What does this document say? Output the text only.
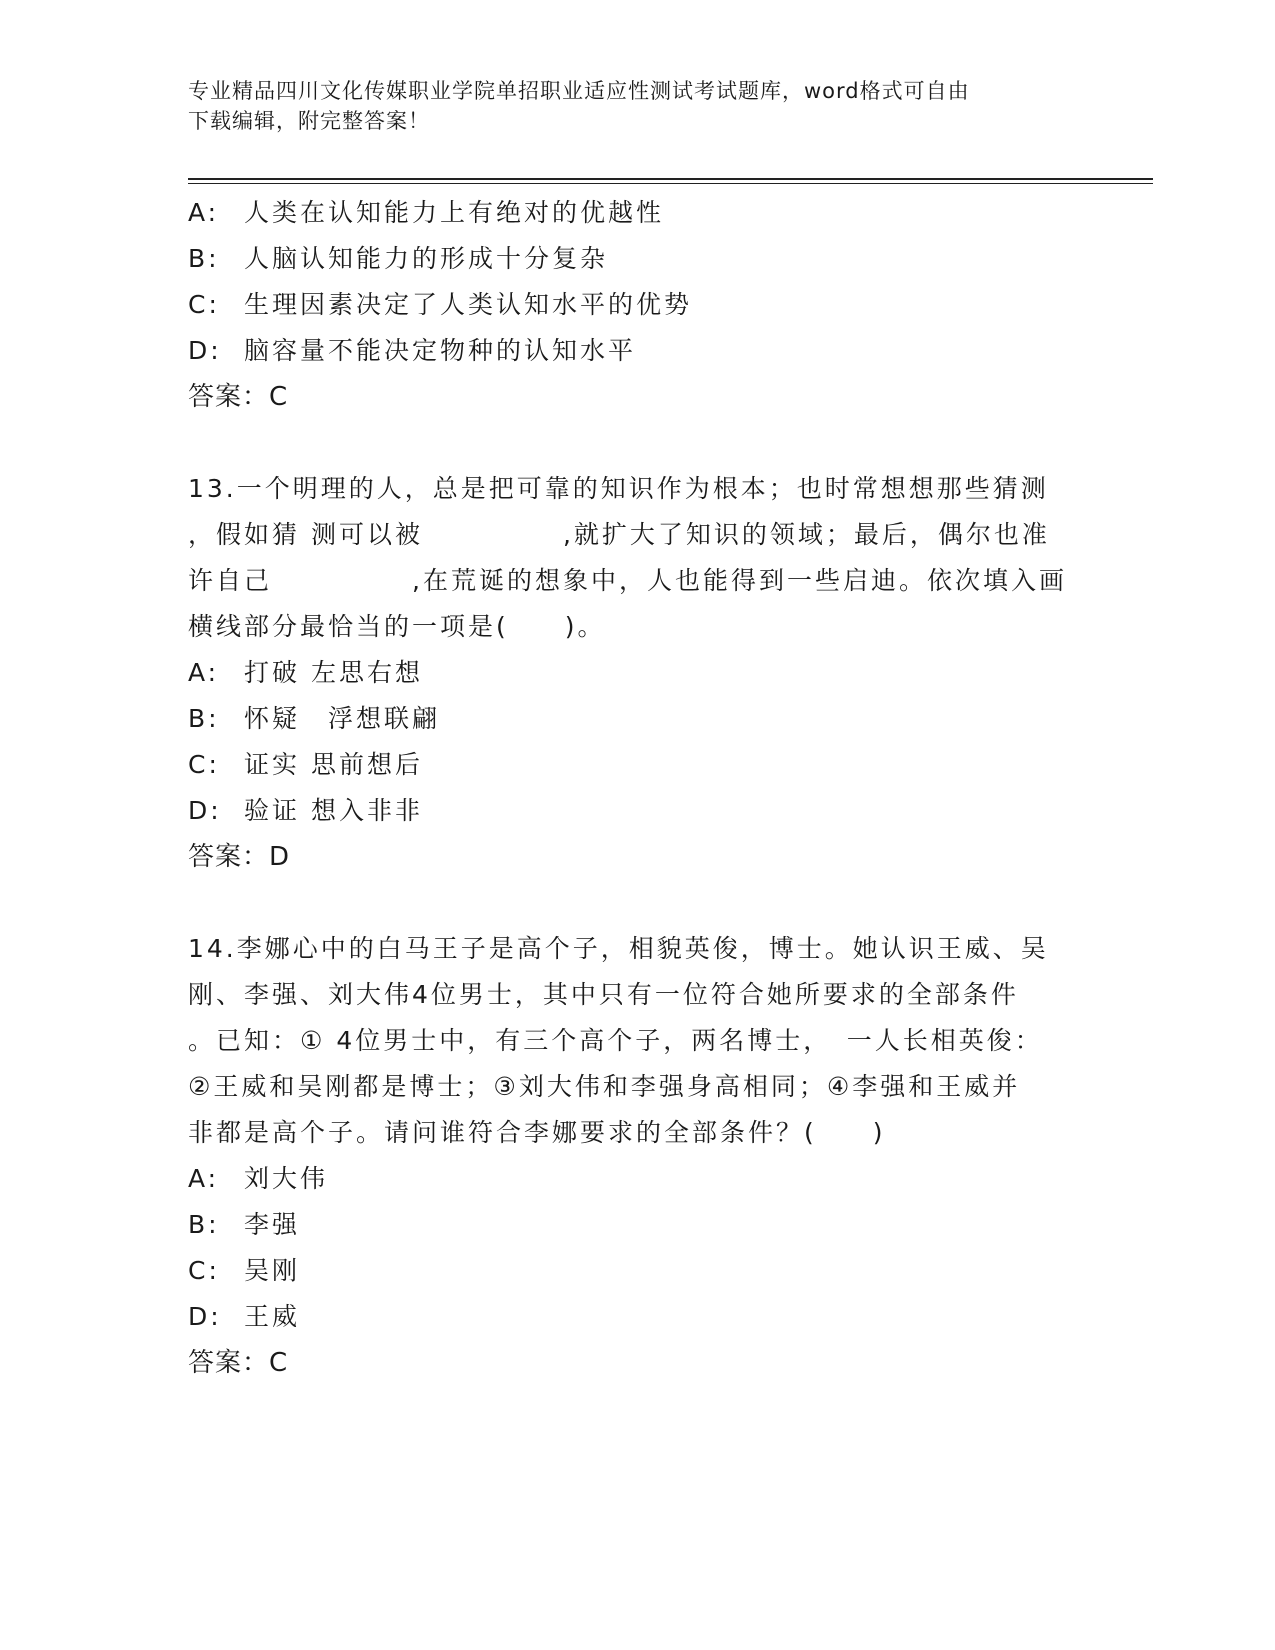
专业精品四川文化传媒职业学院单招职业适应性测试考试题库，word格式可自由
下载编辑，附完整答案！
A: 人类在认知能力上有绝对的优越性
B: 人脑认知能力的形成十分复杂
C: 生理因素决定了人类认知水平的优势
D: 脑容量不能决定物种的认知水平
答案：C
13.一个明理的人，总是把可靠的知识作为根本；也时常想想那些猜测
，假如猜 测可以被　　　　　,就扩大了知识的领域；最后，偶尔也准
许自己　　　　　,在荒诞的想象中，人也能得到一些启迪。依次填入画
横线部分最恰当的一项是(　　)。
A: 打破 左思右想
B: 怀疑　浮想联翩
C: 证实 思前想后
D: 验证 想入非非
答案：D
14.李娜心中的白马王子是高个子，相貌英俊，博士。她认识王威、吴
刚、李强、刘大伟4位男士，其中只有一位符合她所要求的全部条件
。已知：① 4位男士中，有三个高个子，两名博士，　一人长相英俊：
②王威和吴刚都是博士；③刘大伟和李强身高相同；④李强和王威并
非都是高个子。请问谁符合李娜要求的全部条件？(　　)
A: 刘大伟
B: 李强
C: 吴刚
D: 王威
答案：C
